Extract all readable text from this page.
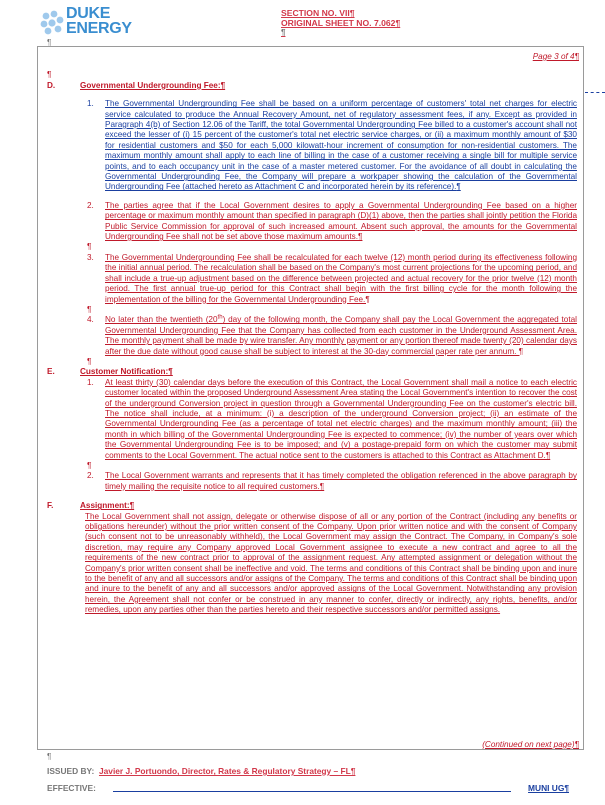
DUKE
ENERGY
SECTION NO. VII¶
ORIGINAL SHEET NO. 7.062¶
¶
¶
Page 3 of 4¶
¶
D.	Governmental Undergrounding Fee:¶
1. The Governmental Undergrounding Fee shall be based on a uniform percentage of customers' total net charges for electric service calculated to produce the Annual Recovery Amount, net of regulatory assessment fees, if any. Except as provided in Paragraph 4(b) of Section 12.06 of the Tariff, the total Governmental Undergrounding Fee billed to a customer's account shall not exceed the lesser of (i) 15 percent of the customer's total net electric service charges, or (ii) a maximum monthly amount of $30 for residential customers and $50 for each 5,000 kilowatt-hour increment of consumption for non-residential customers. The maximum monthly amount shall apply to each line of billing in the case of a customer receiving a single bill for multiple service points, and to each occupancy unit in the case of a master metered customer. For the avoidance of all doubt in calculating the Governmental Undergrounding Fee, the Company will prepare a workpaper showing the calculation of the Governmental Undergrounding Fee (attached hereto as Attachment C and incorporated herein by its reference).¶
2. The parties agree that if the Local Government desires to apply a Governmental Undergrounding Fee based on a higher percentage or maximum monthly amount than specified in paragraph (D)(1) above, then the parties shall jointly petition the Florida Public Service Commission for approval of such increased amount. Absent such approval, the amounts for the Governmental Undergrounding Fee shall not be set above those maximum amounts.¶
¶

3. The Governmental Undergrounding Fee shall be recalculated for each twelve (12) month period during its effectiveness following the initial annual period. The recalculation shall be based on the Company's most current projections for the upcoming period, and shall include a true-up adjustment based on the difference between projected and actual recovery for the prior twelve (12) month period. The first annual true-up period for this Contract shall begin with the first billing cycle for the month following the implementation of the billing for the Governmental Undergrounding Fee.¶
¶

4. No later than the twentieth (20th) day of the following month, the Company shall pay the Local Government the aggregated total Governmental Undergrounding Fee that the Company has collected from each customer in the Underground Assessment Area. The monthly payment shall be made by wire transfer. Any monthly payment or any portion thereof made twenty (20) calendar days after the due date without good cause shall be subject to interest at the 30-day commercial paper rate per annum. ¶
¶

E.	Customer Notification:¶
1. At least thirty (30) calendar days before the execution of this Contract, the Local Government shall mail a notice to each electric customer located within the proposed Underground Assessment Area stating the Local Government's intention to recover the cost of the underground Conversion project in question through a Governmental Undergrounding Fee on the customer's electric bill. The notice shall include, at a minimum: (i) a description of the underground Conversion project; (ii) an estimate of the Governmental Undergrounding Fee (as a percentage of total net electric charges) and the maximum monthly amount; (iii) the month in which billing of the Governmental Undergrounding Fee is expected to commence; (iv) the number of years over which the Governmental Undergrounding Fee is to be imposed; and (v) a postage-prepaid form on which the customer may submit comments to the Local Government. The actual notice sent to the customers is attached to this Contract as Attachment D.¶
¶

2. The Local Government warrants and represents that it has timely completed the obligation referenced in the above paragraph by timely mailing the requisite notice to all required customers.¶
F.	Assignment:¶
The Local Government shall not assign, delegate or otherwise dispose of all or any portion of the Contract (including any benefits or obligations hereunder) without the prior written consent of the Company. Upon prior written notice and with the consent of Company (such consent not to be unreasonably withheld), the Local Government may assign the Contract. The Company, in Company's sole discretion, may require any Company approved Local Government assignee to execute a new contract and agree to all the requirements of the new contract prior to approval of the assignment request. Any attempted assignment or delegation without the Company's prior written consent shall be ineffective and void. The terms and conditions of this Contract shall be binding upon and inure to the benefit of any and all successors and/or assigns of the Company. The terms and conditions of this Contract shall be binding upon and inure to the benefit of any and all successors and/or approved assigns of the Local Government. Notwithstanding any provision herein, the Agreement shall not confer or be construed in any manner to confer, directly or indirectly, any rights, benefits, and/or remedies, upon any parties other than the parties hereto and their respective successors and/or permitted assigns.
(Continued on next page)¶
¶
ISSUED BY: Javier J. Portuondo, Director, Rates & Regulatory Strategy – FL¶
EFFECTIVE:	MUNI UG¶
